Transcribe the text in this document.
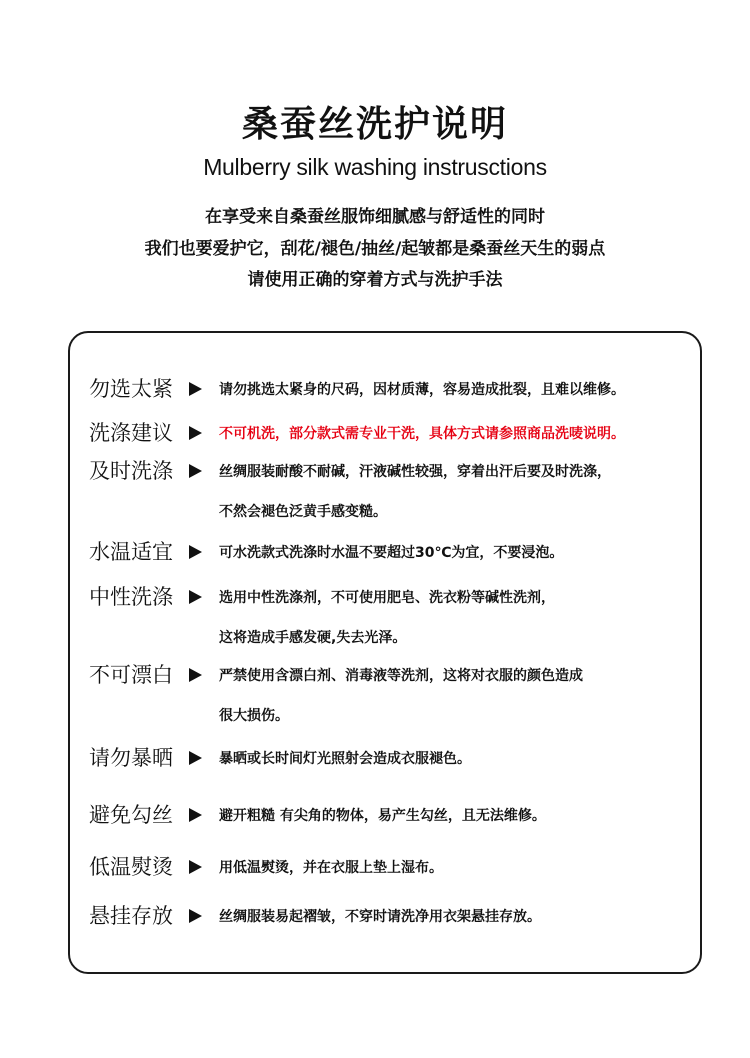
桑蚕丝洗护说明
Mulberry silk washing instrusctions
在享受来自桑蚕丝服饰细腻感与舒适性的同时
我们也要爱护它，刮花/褪色/抽丝/起皱都是桑蚕丝天生的弱点
请使用正确的穿着方式与洗护手法
勿选太紧	请勿挑选太紧身的尺码，因材质薄，容易造成批裂，且难以维修。
洗涤建议	不可机洗，部分款式需专业干洗，具体方式请参照商品洗唛说明。
及时洗涤	丝绸服装耐酸不耐碱，汗液碱性较强，穿着出汗后要及时洗涤，
不然会褪色泛黄手感变糙。
水温适宜	可水洗款式洗涤时水温不要超过30℃为宜，不要浸泡。
中性洗涤	选用中性洗涤剂，不可使用肥皂、洗衣粉等碱性洗剂，
这将造成手感发硬,失去光泽。
不可漂白	严禁使用含漂白剂、消毒液等洗剂，这将对衣服的颜色造成
很大损伤。
请勿暴晒	暴晒或长时间灯光照射会造成衣服褪色。
避免勾丝	避开粗糙 有尖角的物体，易产生勾丝，且无法维修。
低温熨烫	用低温熨烫，并在衣服上垫上湿布。
悬挂存放	丝绸服装易起褶皱，不穿时请洗净用衣架悬挂存放。
